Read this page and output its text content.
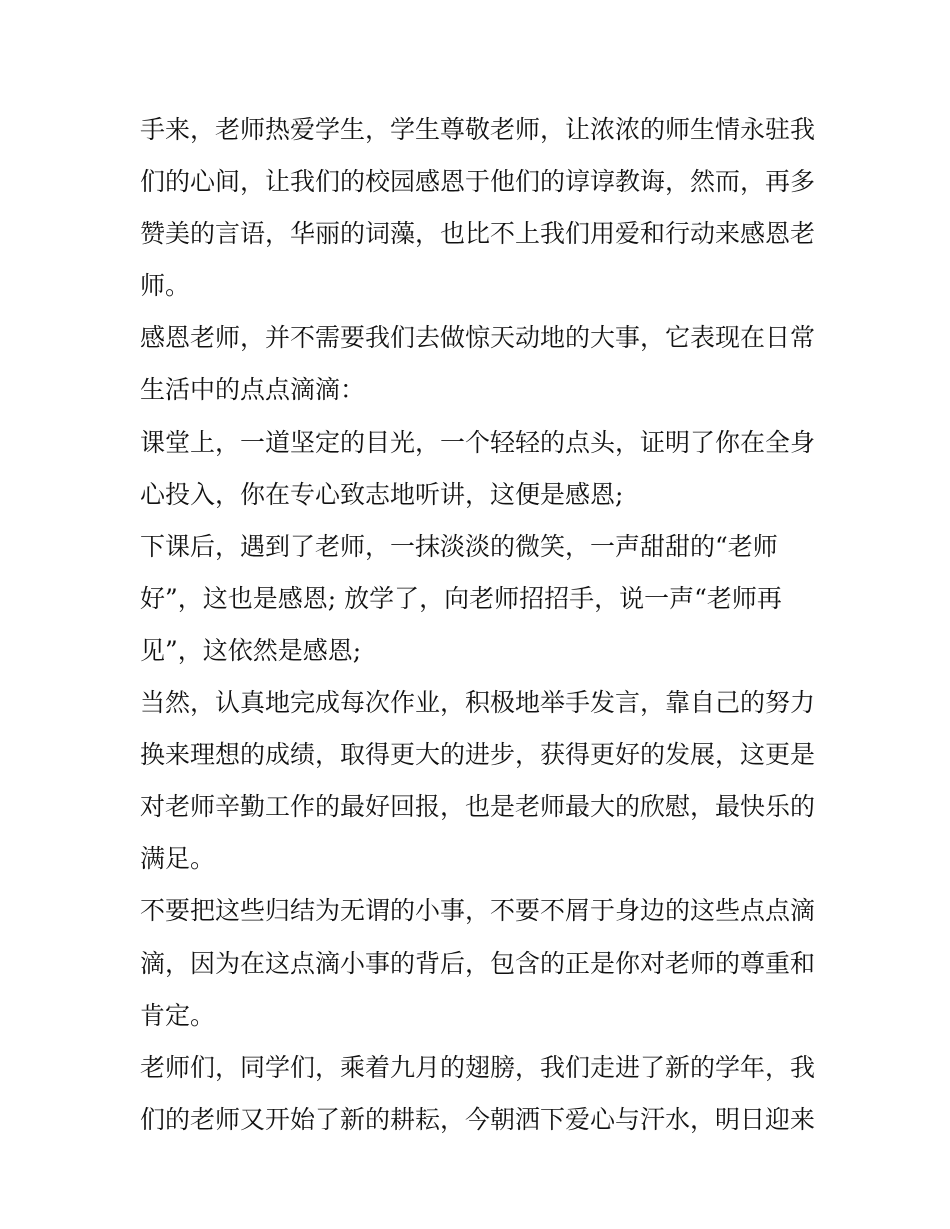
手来，老师热爱学生，学生尊敬老师，让浓浓的师生情永驻我
们的心间，让我们的校园感恩于他们的谆谆教诲，然而，再多
赞美的言语，华丽的词藻，也比不上我们用爱和行动来感恩老
师。
感恩老师，并不需要我们去做惊天动地的大事，它表现在日常
生活中的点点滴滴：
课堂上，一道坚定的目光，一个轻轻的点头，证明了你在全身
心投入，你在专心致志地听讲，这便是感恩;
下课后，遇到了老师，一抹淡淡的微笑，一声甜甜的“老师
好”，这也是感恩; 放学了，向老师招招手，说一声“老师再
见”，这依然是感恩;
当然，认真地完成每次作业，积极地举手发言，靠自己的努力
换来理想的成绩，取得更大的进步，获得更好的发展，这更是
对老师辛勤工作的最好回报，也是老师最大的欣慰，最快乐的
满足。
不要把这些归结为无谓的小事，不要不屑于身边的这些点点滴
滴，因为在这点滴小事的背后，包含的正是你对老师的尊重和
肯定。
老师们，同学们，乘着九月的翅膀，我们走进了新的学年，我
们的老师又开始了新的耕耘，今朝洒下爱心与汗水，明日迎来
